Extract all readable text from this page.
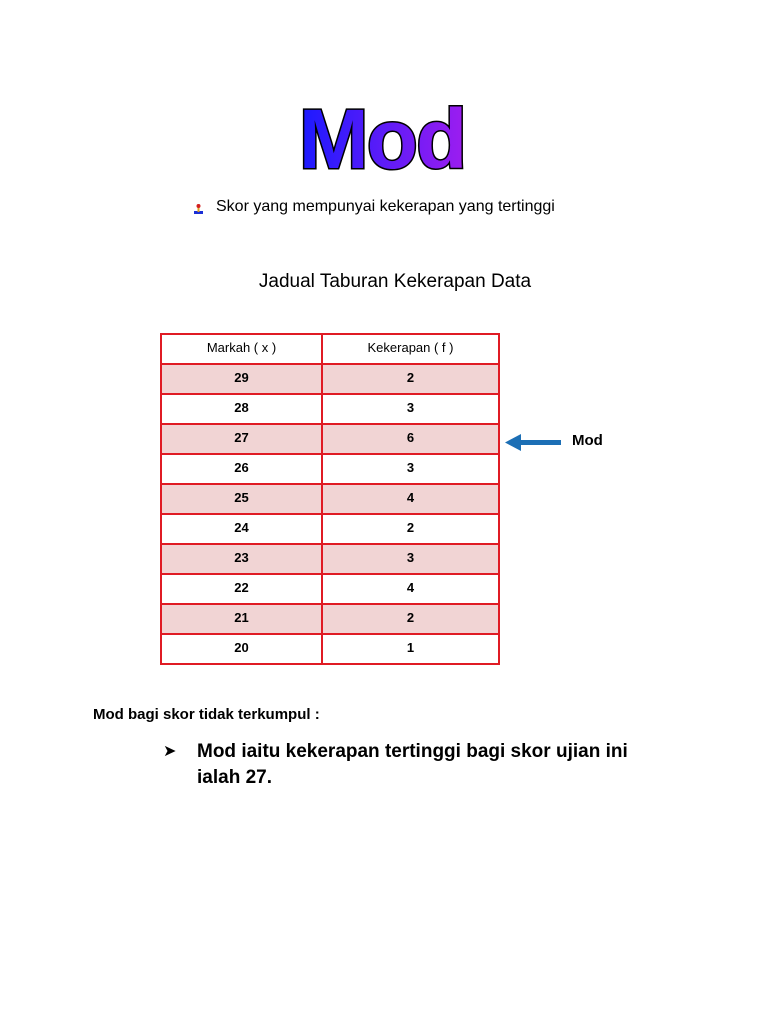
Mod
Skor yang mempunyai kekerapan yang tertinggi
Jadual Taburan Kekerapan Data
Markah ( x )	Kekerapan ( f )
29	2
28	3
27	6
26	3
25	4
24	2
23	3
22	4
21	2
20	1
Mod
Mod bagi skor tidak terkumpul :
➤ Mod iaitu kekerapan tertinggi bagi skor ujian ini ialah 27.
